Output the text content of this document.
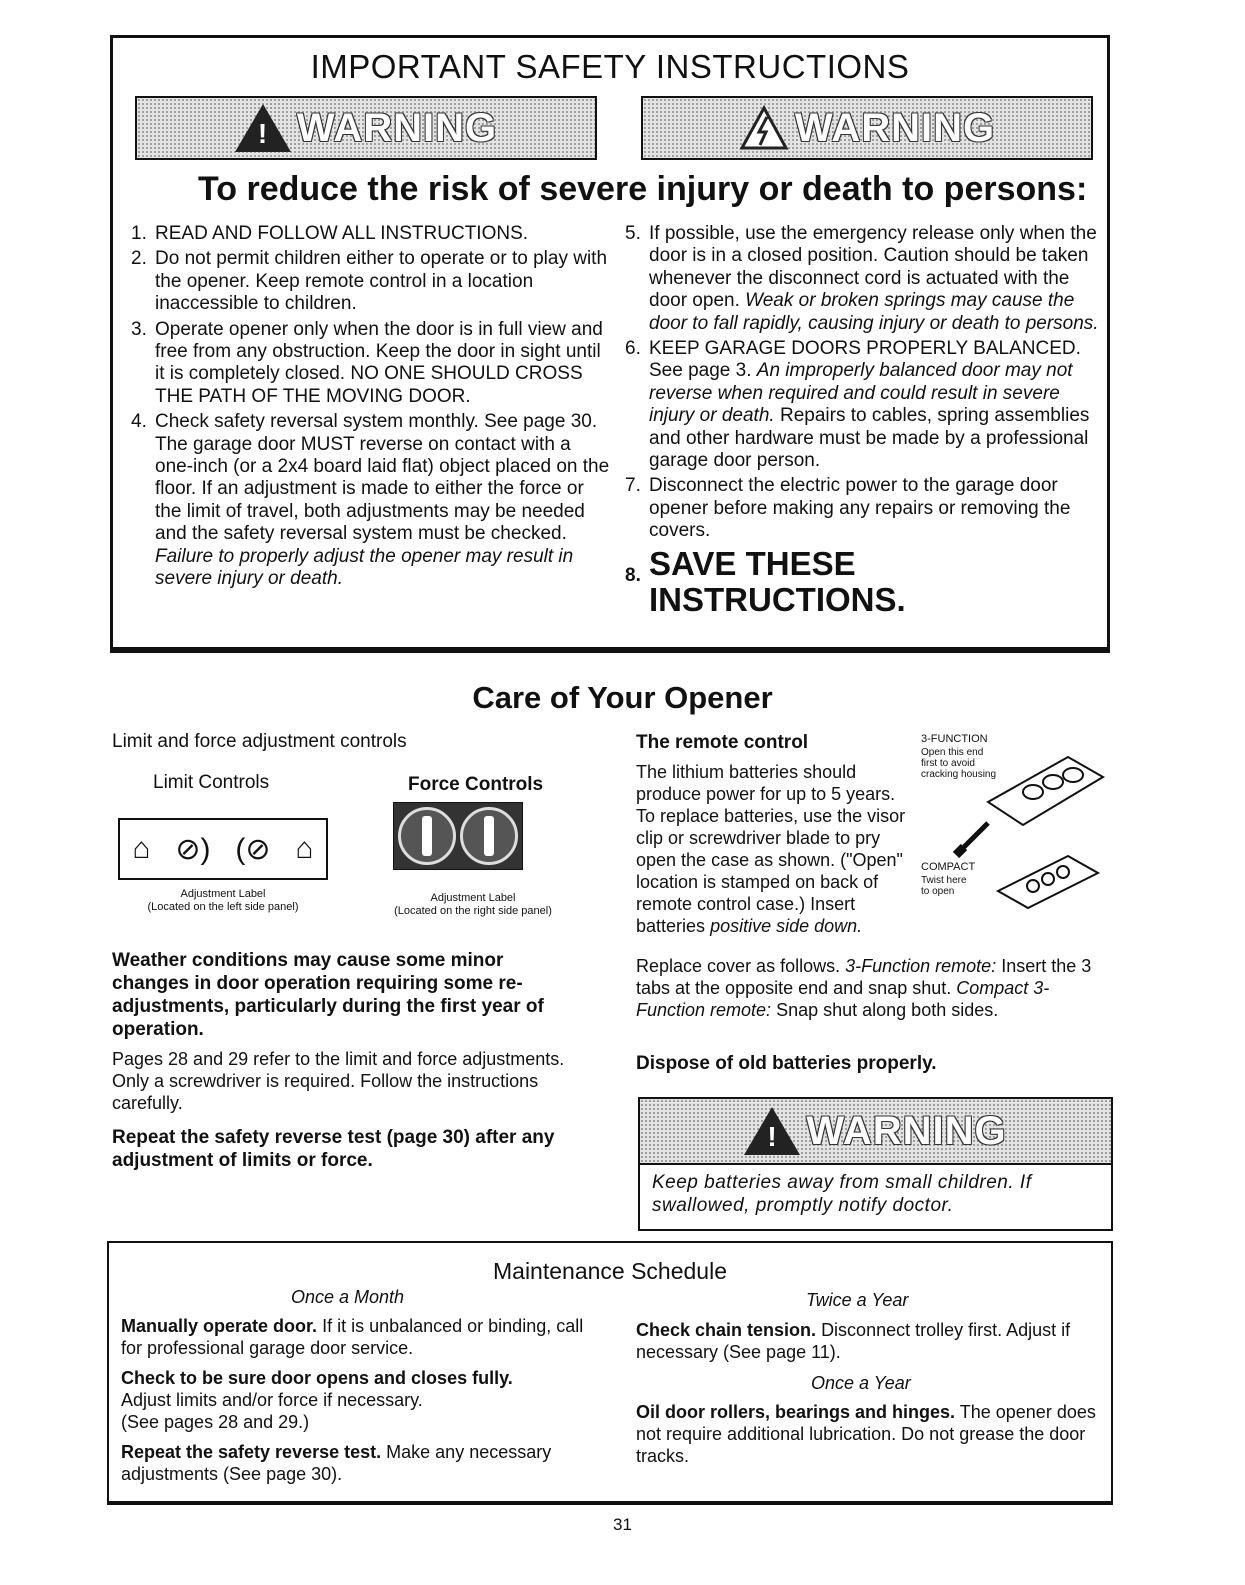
IMPORTANT SAFETY INSTRUCTIONS
! WARNING	WARNING
To reduce the risk of severe injury or death to persons:
1. READ AND FOLLOW ALL INSTRUCTIONS.
2. Do not permit children either to operate or to play with the opener. Keep remote control in a location inaccessible to children.
3. Operate opener only when the door is in full view and free from any obstruction. Keep the door in sight until it is completely closed. NO ONE SHOULD CROSS THE PATH OF THE MOVING DOOR.
4. Check safety reversal system monthly. See page 30. The garage door MUST reverse on contact with a one-inch (or a 2x4 board laid flat) object placed on the floor. If an adjustment is made to either the force or the limit of travel, both adjustments may be needed and the safety reversal system must be checked. Failure to properly adjust the opener may result in severe injury or death.
5. If possible, use the emergency release only when the door is in a closed position. Caution should be taken whenever the disconnect cord is actuated with the door open. Weak or broken springs may cause the door to fall rapidly, causing injury or death to persons.
6. KEEP GARAGE DOORS PROPERLY BALANCED. See page 3. An improperly balanced door may not reverse when required and could result in severe injury or death. Repairs to cables, spring assemblies and other hardware must be made by a professional garage door person.
7. Disconnect the electric power to the garage door opener before making any repairs or removing the covers.
8. SAVE THESE INSTRUCTIONS.
Care of Your Opener
Limit and force adjustment controls
Limit Controls	Force Controls
⌂ ⊘) (⊘ ⌂
Adjustment Label
(Located on the left side panel)
Adjustment Label
(Located on the right side panel)
Weather conditions may cause some minor changes in door operation requiring some re-adjustments, particularly during the first year of operation.
Pages 28 and 29 refer to the limit and force adjustments. Only a screwdriver is required. Follow the instructions carefully.
Repeat the safety reverse test (page 30) after any adjustment of limits or force.
The remote control
The lithium batteries should produce power for up to 5 years. To replace batteries, use the visor clip or screwdriver blade to pry open the case as shown. ("Open" location is stamped on back of remote control case.) Insert batteries positive side down.
3-FUNCTION
Open this end first to avoid cracking housing
COMPACT
Twist here to open
Replace cover as follows. 3-Function remote: Insert the 3 tabs at the opposite end and snap shut. Compact 3-Function remote: Snap shut along both sides.
Dispose of old batteries properly.
! WARNING
Keep batteries away from small children. If swallowed, promptly notify doctor.
Maintenance Schedule
Once a Month
Manually operate door. If it is unbalanced or binding, call for professional garage door service.
Check to be sure door opens and closes fully.
Adjust limits and/or force if necessary.
(See pages 28 and 29.)
Repeat the safety reverse test. Make any necessary adjustments (See page 30).
Twice a Year
Check chain tension. Disconnect trolley first. Adjust if necessary (See page 11).
Once a Year
Oil door rollers, bearings and hinges. The opener does not require additional lubrication. Do not grease the door tracks.
31
